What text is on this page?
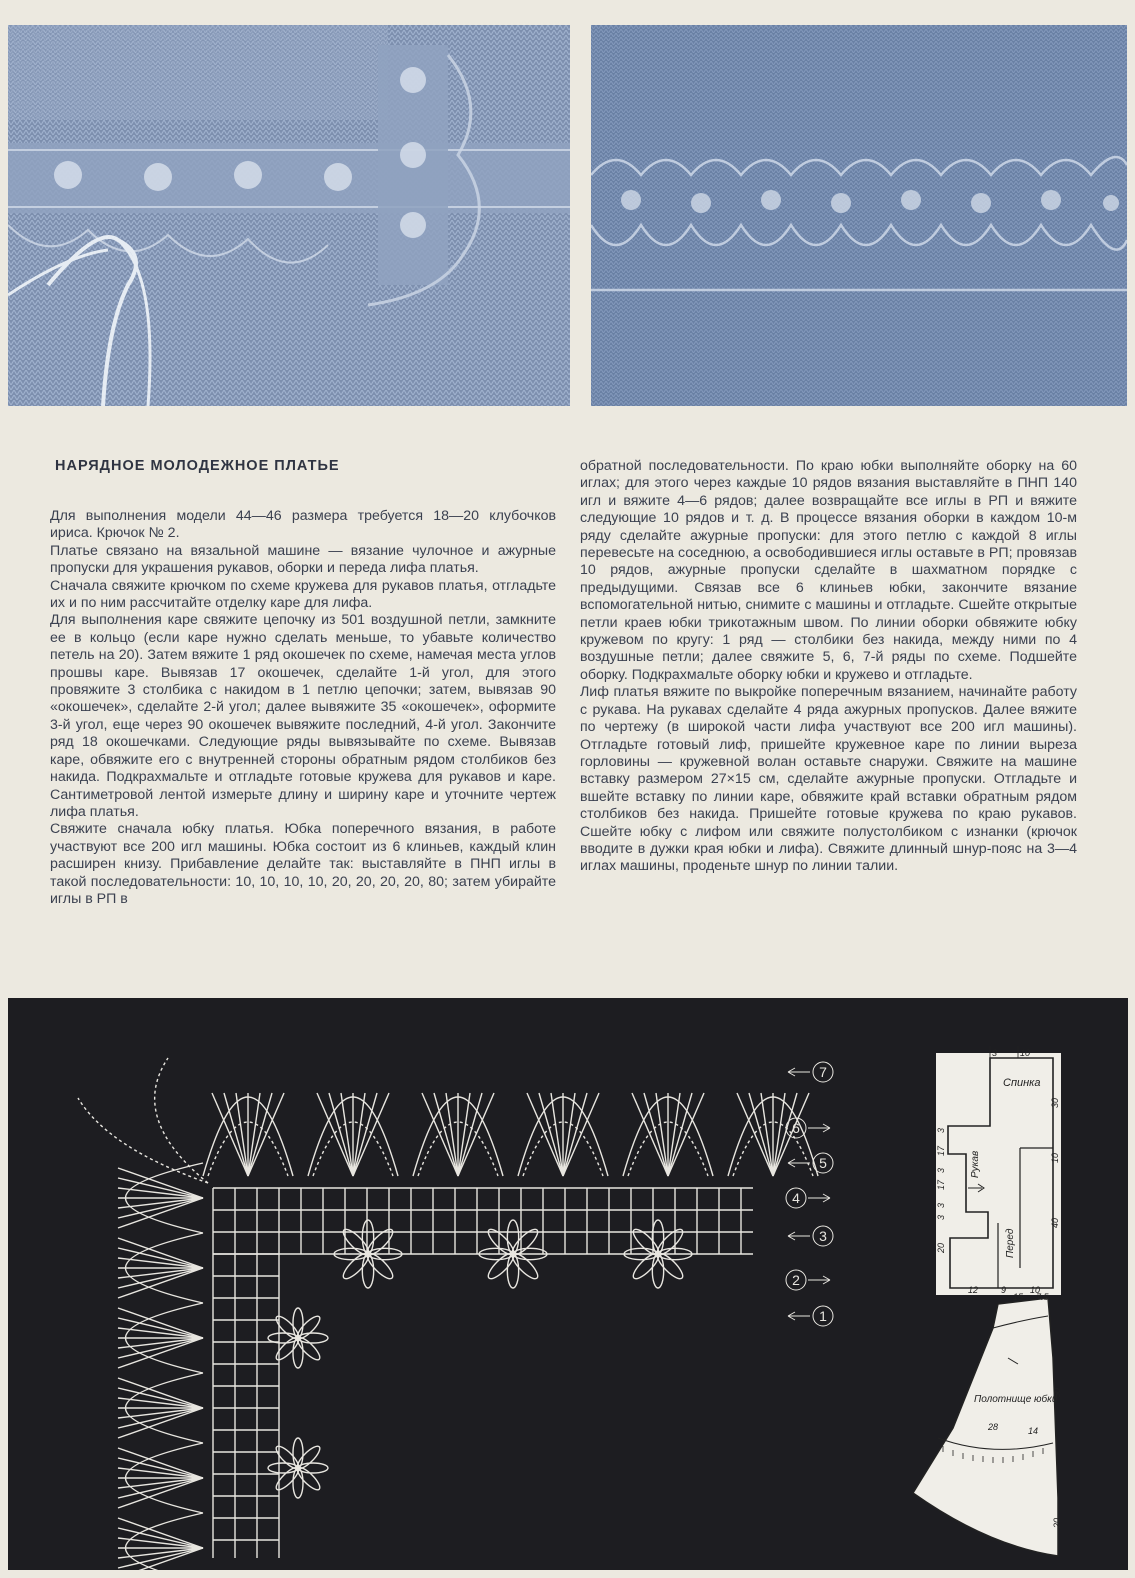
НАРЯДНОЕ МОЛОДЕЖНОЕ ПЛАТЬЕ

Для выполнения модели 44—46 размера требуется 18—20 клубочков ириса. Крючок № 2.

Платье связано на вязальной машине — вязание чулочное и ажурные пропуски для украшения рукавов, оборки и переда лифа платья.

Сначала свяжите крючком по схеме кружева для рукавов платья, отгладьте их и по ним рассчитайте отделку каре для лифа.

Для выполнения каре свяжите цепочку из 501 воздушной петли, замкните ее в кольцо (если каре нужно сделать меньше, то убавьте количество петель на 20). Затем вяжите 1 ряд окошечек по схеме, намечая места углов прошвы каре. Вывязав 17 окошечек, сделайте 1-й угол, для этого провяжите 3 столбика с накидом в 1 петлю цепочки; затем, вывязав 90 «окошечек», сделайте 2-й угол; далее вывяжите 35 «окошечек», оформите 3-й угол, еще через 90 окошечек вывяжите последний, 4-й угол. Закончите ряд 18 окошечками. Следующие ряды вывязывайте по схеме. Вывязав каре, обвяжите его с внутренней стороны обратным рядом столбиков без накида. Подкрахмальте и отгладьте готовые кружева для рукавов и каре. Сантиметровой лентой измерьте длину и ширину каре и уточните чертеж лифа платья.

Свяжите сначала юбку платья. Юбка поперечного вязания, в работе участвуют все 200 игл машины. Юбка состоит из 6 клиньев, каждый клин расширен книзу. Прибавление делайте так: выставляйте в ПНП иглы в такой последовательности: 10, 10, 10, 10, 20, 20, 20, 20, 80; затем убирайте иглы в РП в

обратной последовательности. По краю юбки выполняйте оборку на 60 иглах; для этого через каждые 10 рядов вязания выставляйте в ПНП 140 игл и вяжите 4—6 рядов; далее возвращайте все иглы в РП и вяжите следующие 10 рядов и т. д. В процессе вязания оборки в каждом 10-м ряду сделайте ажурные пропуски: для этого петлю с каждой 8 иглы перевесьте на соседнюю, а освободившиеся иглы оставьте в РП; провязав 10 рядов, ажурные пропуски сделайте в шахматном порядке с предыдущими. Связав все 6 клиньев юбки, закончите вязание вспомогательной нитью, снимите с машины и отгладьте. Сшейте открытые петли краев юбки трикотажным швом. По линии оборки обвяжите юбку кружевом по кругу: 1 ряд — столбики без накида, между ними по 4 воздушные петли; далее свяжите 5, 6, 7-й ряды по схеме. Подшейте оборку. Подкрахмальте оборку юбки и кружево и отгладьте.

Лиф платья вяжите по выкройке поперечным вязанием, начинайте работу с рукава. На рукавах сделайте 4 ряда ажурных пропусков. Далее вяжите по чертежу (в широкой части лифа участвуют все 200 игл машины). Отгладьте готовый лиф, пришейте кружевное каре по линии выреза горловины — кружевной волан оставьте снаружи. Свяжите на машине вставку размером 27×15 см, сделайте ажурные пропуски. Отгладьте и вшейте вставку по линии каре, обвяжите край вставки обратным рядом столбиков без накида. Пришейте готовые кружева по краю рукавов. Сшейте юбку с лифом или свяжите полустолбиком с изнанки (крючок вводите в дужки края юбки и лифа). Свяжите длинный шнур-пояс на 3—4 иглах машины, проденьте шнур по линии талии.

7
6
5
4
3
2
1
Спинка
Рукав
Перед
3	10
30
3
17
3
10
3
17
3
40
20
12	9	10
Полотнище юбки
15 7.5
50
28	14
20
